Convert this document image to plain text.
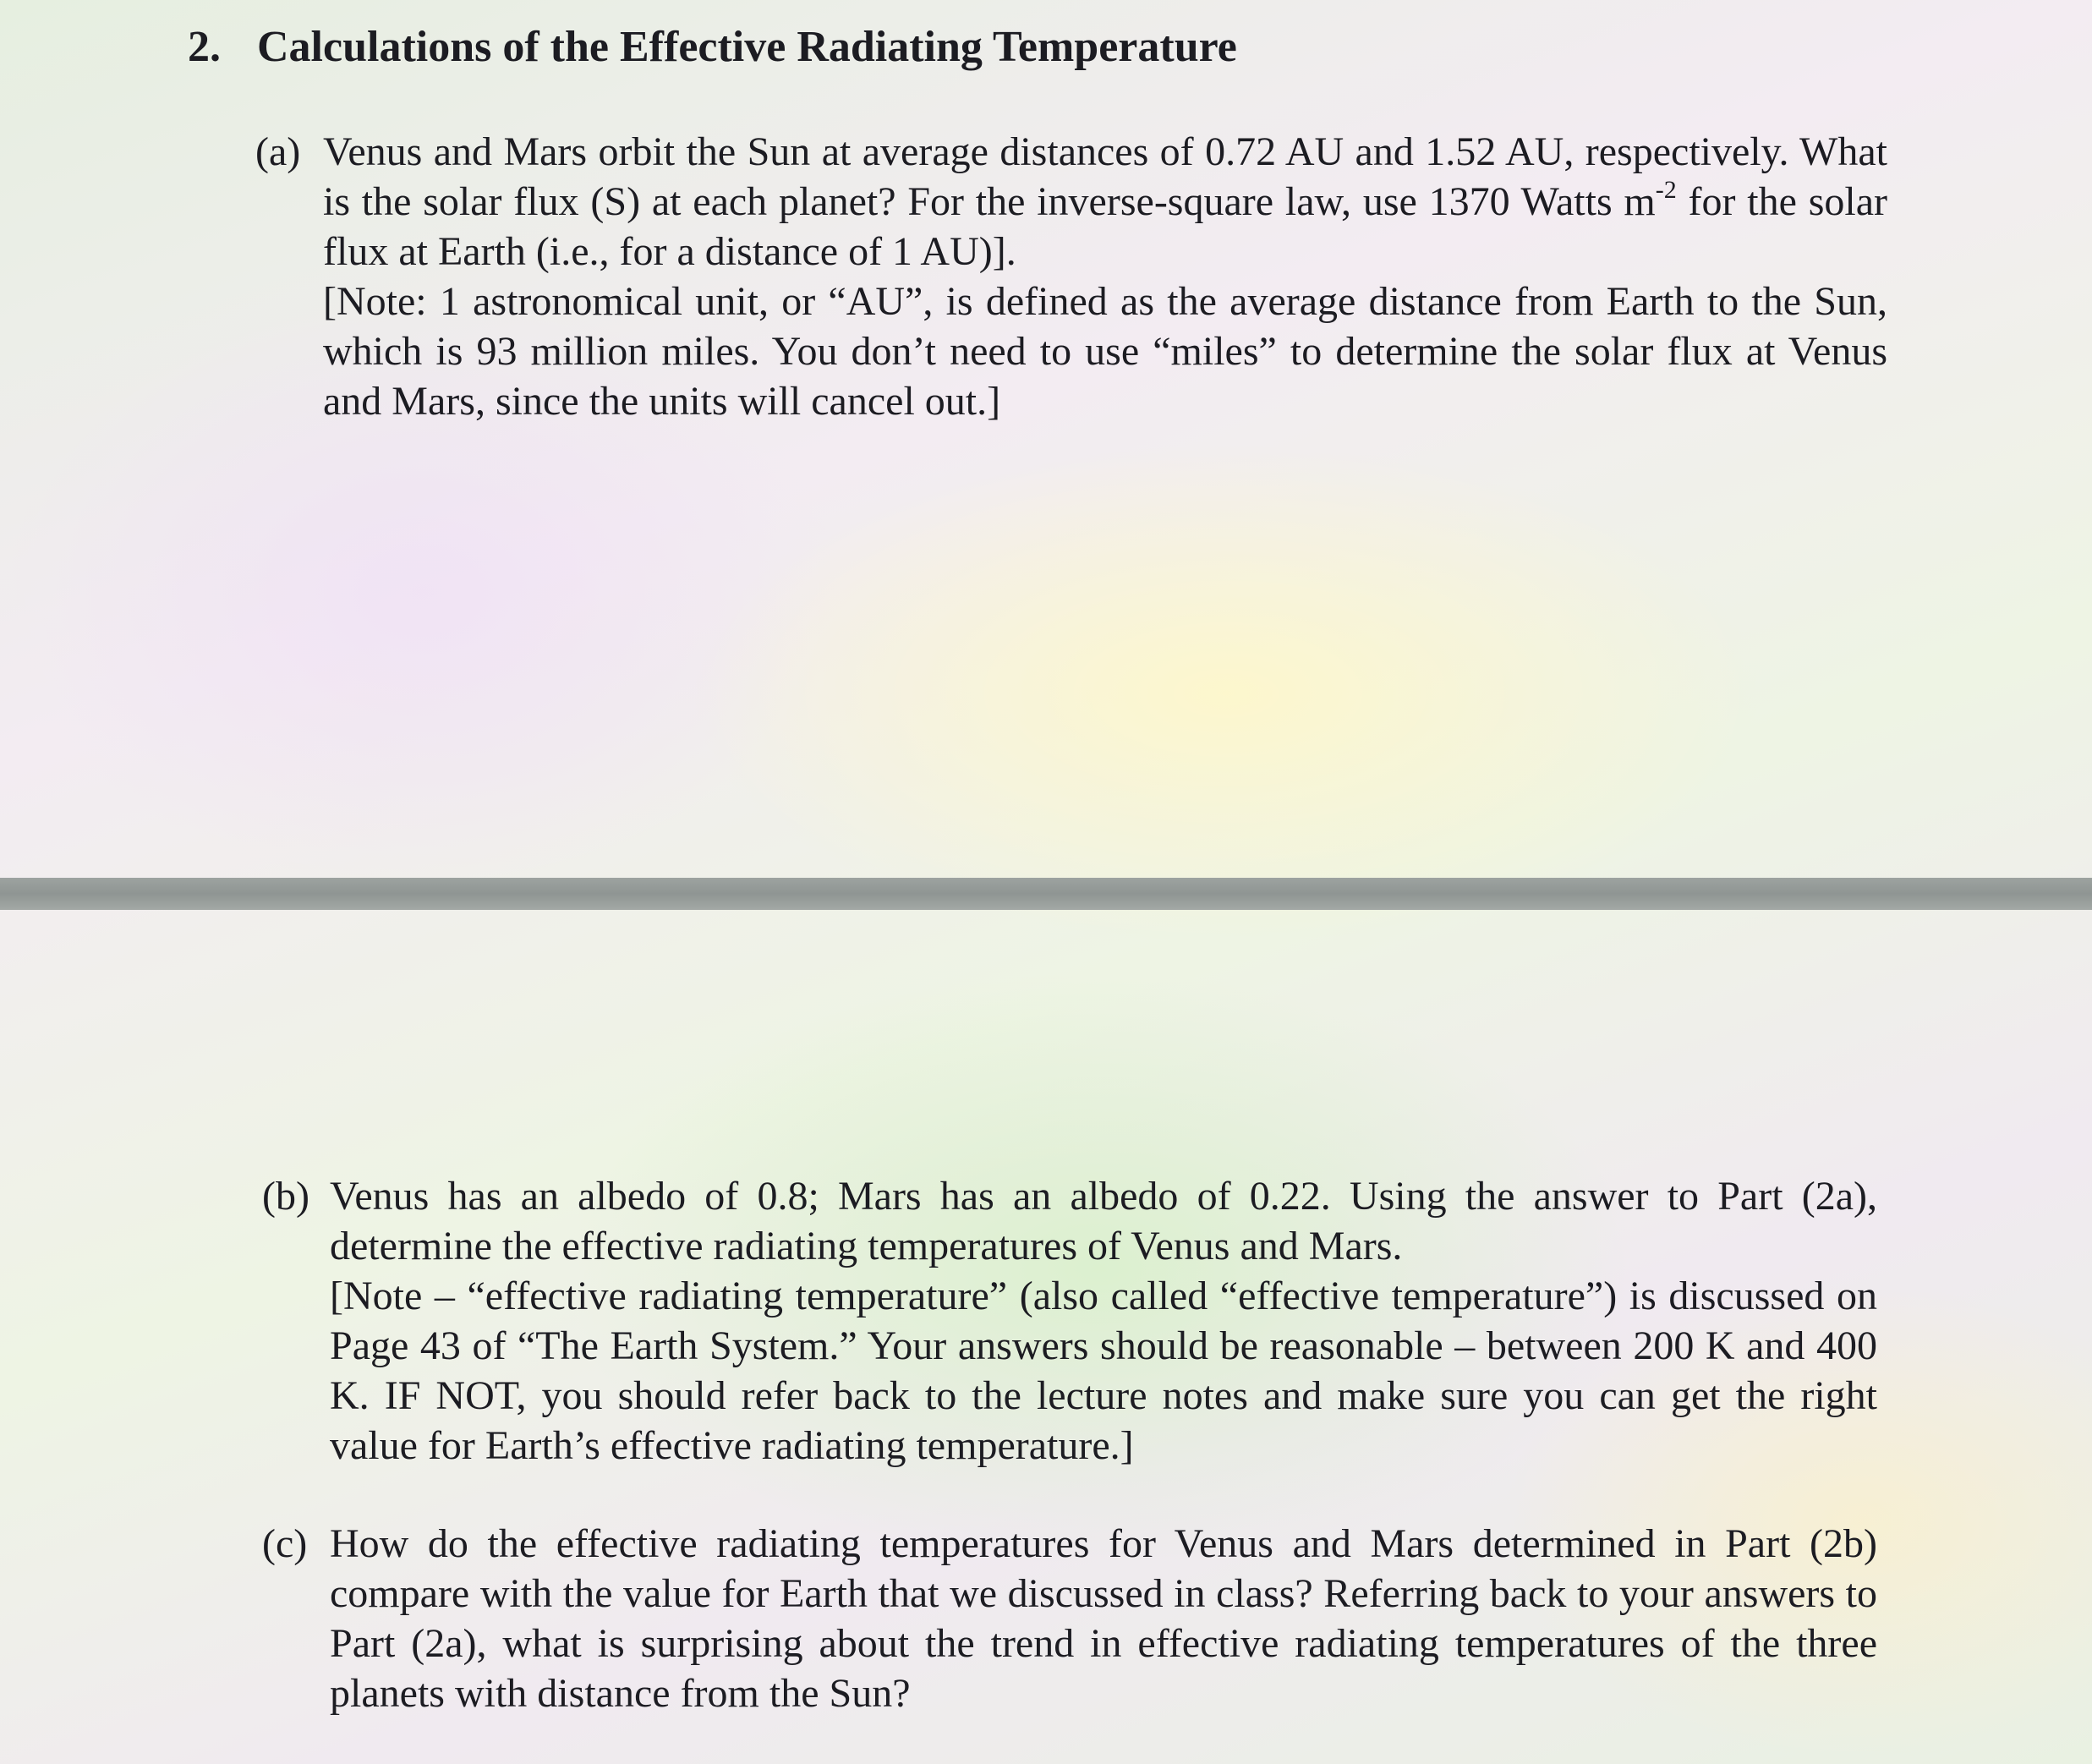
2. Calculations of the Effective Radiating Temperature
(a) Venus and Mars orbit the Sun at average distances of 0.72 AU and 1.52 AU, respectively. What is the solar flux (S) at each planet? For the inverse-square law, use 1370 Watts $m^{-2}$ for the solar flux at Earth (i.e., for a distance of 1 AU)].
[Note: 1 astronomical unit, or “AU”, is defined as the average distance from Earth to the Sun, which is 93 million miles. You don’t need to use “miles” to determine the solar flux at Venus and Mars, since the units will cancel out.]
(b) Venus has an albedo of 0.8; Mars has an albedo of 0.22. Using the answer to Part (2a), determine the effective radiating temperatures of Venus and Mars.
[Note – “effective radiating temperature” (also called “effective temperature”) is discussed on Page 43 of “The Earth System.” Your answers should be reasonable – between 200 K and 400 K. IF NOT, you should refer back to the lecture notes and make sure you can get the right value for Earth’s effective radiating temperature.]
(c) How do the effective radiating temperatures for Venus and Mars determined in Part (2b) compare with the value for Earth that we discussed in class? Referring back to your answers to Part (2a), what is surprising about the trend in effective radiating temperatures of the three planets with distance from the Sun?
